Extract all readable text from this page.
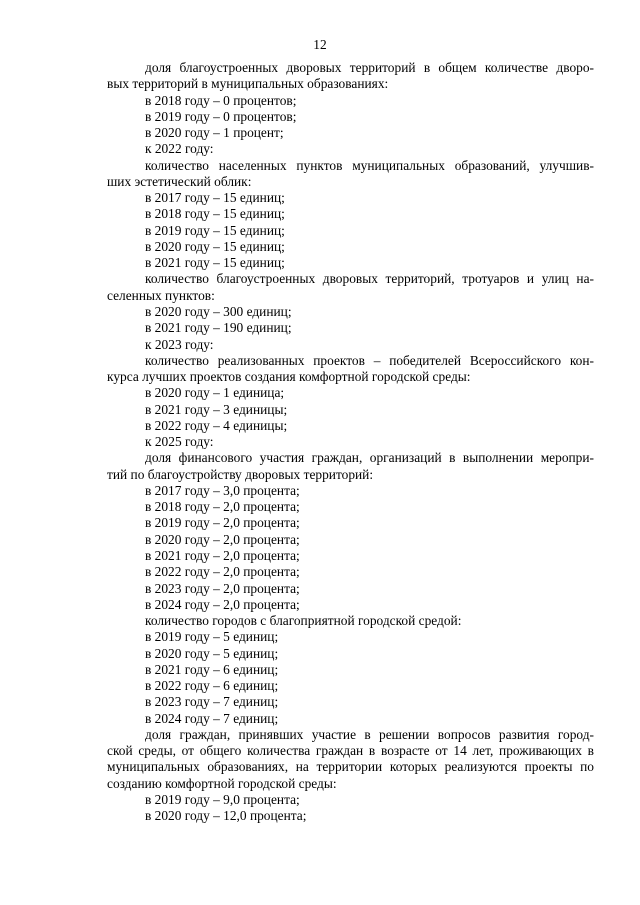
12
доля благоустроенных дворовых территорий в общем количестве дворо-
вых территорий в муниципальных образованиях:
в 2018 году – 0 процентов;
в 2019 году – 0 процентов;
в 2020 году – 1 процент;
к 2022 году:
количество населенных пунктов муниципальных образований, улучшив-
ших эстетический облик:
в 2017 году – 15 единиц;
в 2018 году – 15 единиц;
в 2019 году – 15 единиц;
в 2020 году – 15 единиц;
в 2021 году – 15 единиц;
количество благоустроенных дворовых территорий, тротуаров и улиц на-
селенных пунктов:
в 2020 году – 300 единиц;
в 2021 году – 190 единиц;
к 2023 году:
количество реализованных проектов – победителей Всероссийского кон-
курса лучших проектов создания комфортной городской среды:
в 2020 году – 1 единица;
в 2021 году – 3 единицы;
в 2022 году – 4 единицы;
к 2025 году:
доля финансового участия граждан, организаций в выполнении меропри-
тий по благоустройству дворовых территорий:
в 2017 году – 3,0 процента;
в 2018 году – 2,0 процента;
в 2019 году – 2,0 процента;
в 2020 году – 2,0 процента;
в 2021 году – 2,0 процента;
в 2022 году – 2,0 процента;
в 2023 году – 2,0 процента;
в 2024 году – 2,0 процента;
количество городов с благоприятной городской средой:
в 2019 году – 5 единиц;
в 2020 году – 5 единиц;
в 2021 году – 6 единиц;
в 2022 году – 6 единиц;
в 2023 году – 7 единиц;
в 2024 году – 7 единиц;
доля граждан, принявших участие в решении вопросов развития город-
ской среды, от общего количества граждан в возрасте от 14 лет, проживающих в
муниципальных образованиях, на территории которых реализуются проекты по
созданию комфортной городской среды:
в 2019 году – 9,0 процента;
в 2020 году – 12,0 процента;
